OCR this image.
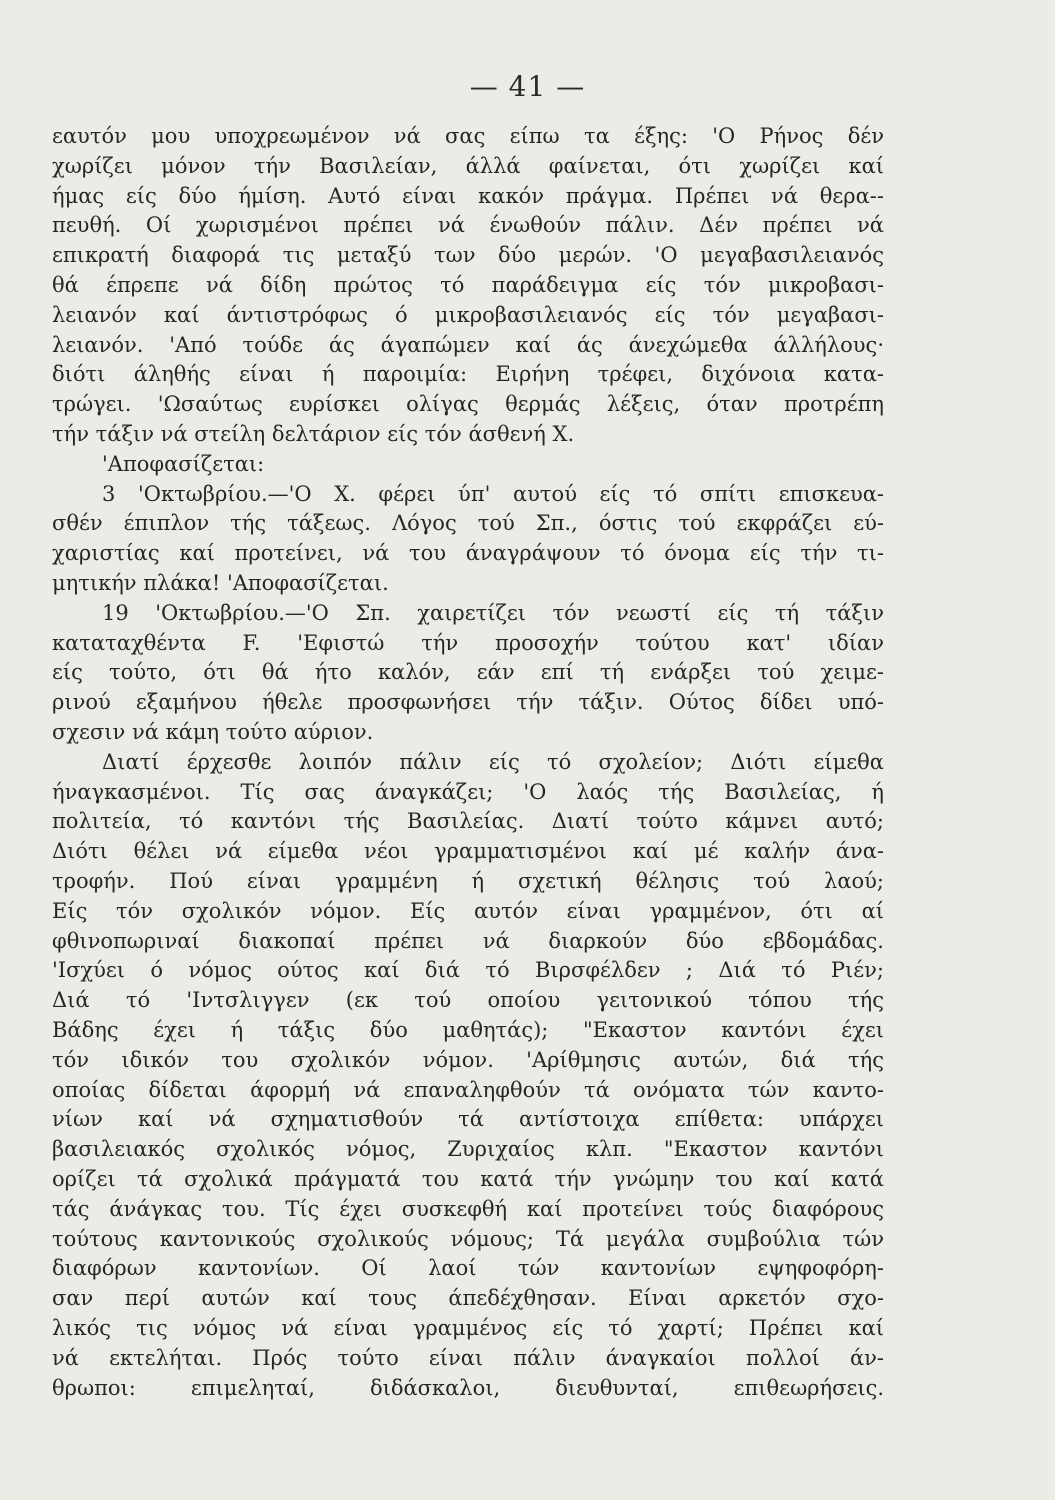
— 41 —
εαυτόν μου υποχρεωμένον νά σας είπω τα έξης: 'Ο Ρήνος δέν
χωρίζει μόνον τήν Βασιλείαν, άλλά φαίνεται, ότι χωρίζει καί
ήμας είς δύο ήμίση. Αυτό είναι κακόν πράγμα. Πρέπει νά θερα--
πευθή. Οί χωρισμένοι πρέπει νά ένωθούν πάλιν. Δέν πρέπει νά
επικρατή διαφορά τις μεταξύ των δύο μερών. 'Ο μεγαβασιλειανός
θά έπρεπε νά δίδη πρώτος τό παράδειγμα είς τόν μικροβασι-
λειανόν καί άντιστρόφως ό μικροβασιλειανός είς τόν μεγαβασι-
λειανόν. 'Από τούδε άς άγαπώμεν καί άς άνεχώμεθα άλλήλους·
διότι άληθής είναι ή παροιμία: Ειρήνη τρέφει, διχόνοια κατα-
τρώγει. 'Ωσαύτως ευρίσκει ολίγας θερμάς λέξεις, όταν προτρέπη
τήν τάξιν νά στείλη δελτάριον είς τόν άσθενή Χ.
'Αποφασίζεται:
3 'Οκτωβρίου.—'Ο Χ. φέρει ύπ' αυτού είς τό σπίτι επισκευα-
σθέν έπιπλον τής τάξεως. Λόγος τού Σπ., όστις τού εκφράζει εύ-
χαριστίας καί προτείνει, νά του άναγράψουν τό όνομα είς τήν τι-
μητικήν πλάκα! 'Αποφασίζεται.
19 'Οκτωβρίου.—'Ο Σπ. χαιρετίζει τόν νεωστί είς τή τάξιν
καταταχθέντα F. 'Εφιστώ τήν προσοχήν τούτου κατ' ιδίαν
είς τούτο, ότι θά ήτο καλόν, εάν επί τή ενάρξει τού χειμε-
ρινού εξαμήνου ήθελε προσφωνήσει τήν τάξιν. Ούτος δίδει υπό-
σχεσιν νά κάμη τούτο αύριον.
Διατί έρχεσθε λοιπόν πάλιν είς τό σχολείον; Διότι είμεθα
ήναγκασμένοι. Τίς σας άναγκάζει; 'Ο λαός τής Βασιλείας, ή
πολιτεία, τό καντόνι τής Βασιλείας. Διατί τούτο κάμνει αυτό;
Διότι θέλει νά είμεθα νέοι γραμματισμένοι καί μέ καλήν άνα-
τροφήν. Πού είναι γραμμένη ή σχετική θέλησις τού λαού;
Είς τόν σχολικόν νόμον. Είς αυτόν είναι γραμμένον, ότι αί
φθινοπωριναί διακοπαί πρέπει νά διαρκούν δύο εβδομάδας.
'Ισχύει ό νόμος ούτος καί διά τό Βιρσφέλδεν ; Διά τό Ριέν;
Διά τό 'Ιντσλιγγεν (εκ τού οποίου γειτονικού τόπου τής
Βάδης έχει ή τάξις δύο μαθητάς); "Εκαστον καντόνι έχει
τόν ιδικόν του σχολικόν νόμον. 'Αρίθμησις αυτών, διά τής
οποίας δίδεται άφορμή νά επαναληφθούν τά ονόματα τών καντο-
νίων καί νά σχηματισθούν τά αντίστοιχα επίθετα: υπάρχει
βασιλειακός σχολικός νόμος, Ζυριχαίος κλπ. "Εκαστον καντόνι
ορίζει τά σχολικά πράγματά του κατά τήν γνώμην του καί κατά
τάς άνάγκας του. Τίς έχει συσκεφθή καί προτείνει τούς διαφόρους
τούτους καντονικούς σχολικούς νόμους; Τά μεγάλα συμβούλια τών
διαφόρων καντονίων. Οί λαοί τών καντονίων εψηφοφόρη-
σαν περί αυτών καί τους άπεδέχθησαν. Είναι αρκετόν σχο-
λικός τις νόμος νά είναι γραμμένος είς τό χαρτί; Πρέπει καί
νά εκτελήται. Πρός τούτο είναι πάλιν άναγκαίοι πολλοί άν-
θρωποι: επιμεληταί, διδάσκαλοι, διευθυνταί, επιθεωρήσεις.
